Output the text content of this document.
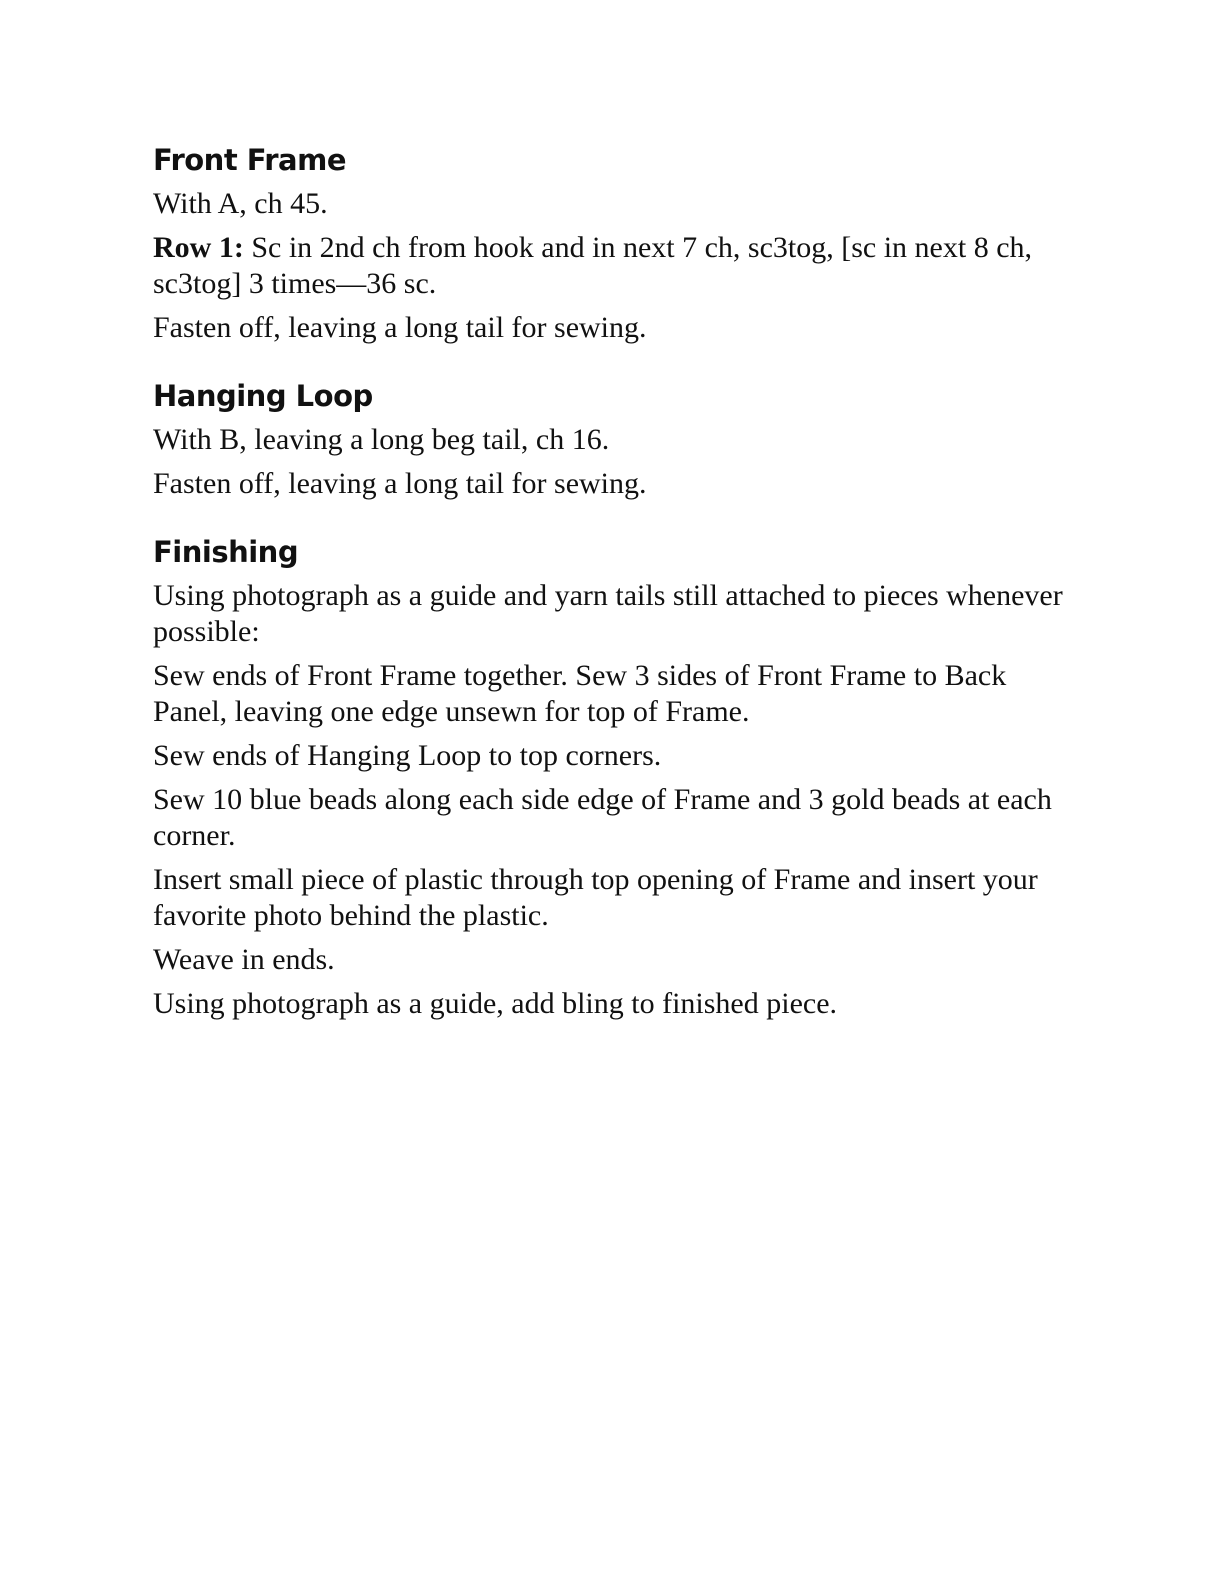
Front Frame

With A, ch 45.

Row 1: Sc in 2nd ch from hook and in next 7 ch, sc3tog, [sc in next 8 ch, sc3tog] 3 times—36 sc.

Fasten off, leaving a long tail for sewing.

Hanging Loop

With B, leaving a long beg tail, ch 16.

Fasten off, leaving a long tail for sewing.

Finishing

Using photograph as a guide and yarn tails still attached to pieces whenever possible:

Sew ends of Front Frame together. Sew 3 sides of Front Frame to Back Panel, leaving one edge unsewn for top of Frame.

Sew ends of Hanging Loop to top corners.

Sew 10 blue beads along each side edge of Frame and 3 gold beads at each corner.

Insert small piece of plastic through top opening of Frame and insert your favorite photo behind the plastic.

Weave in ends.

Using photograph as a guide, add bling to finished piece.
